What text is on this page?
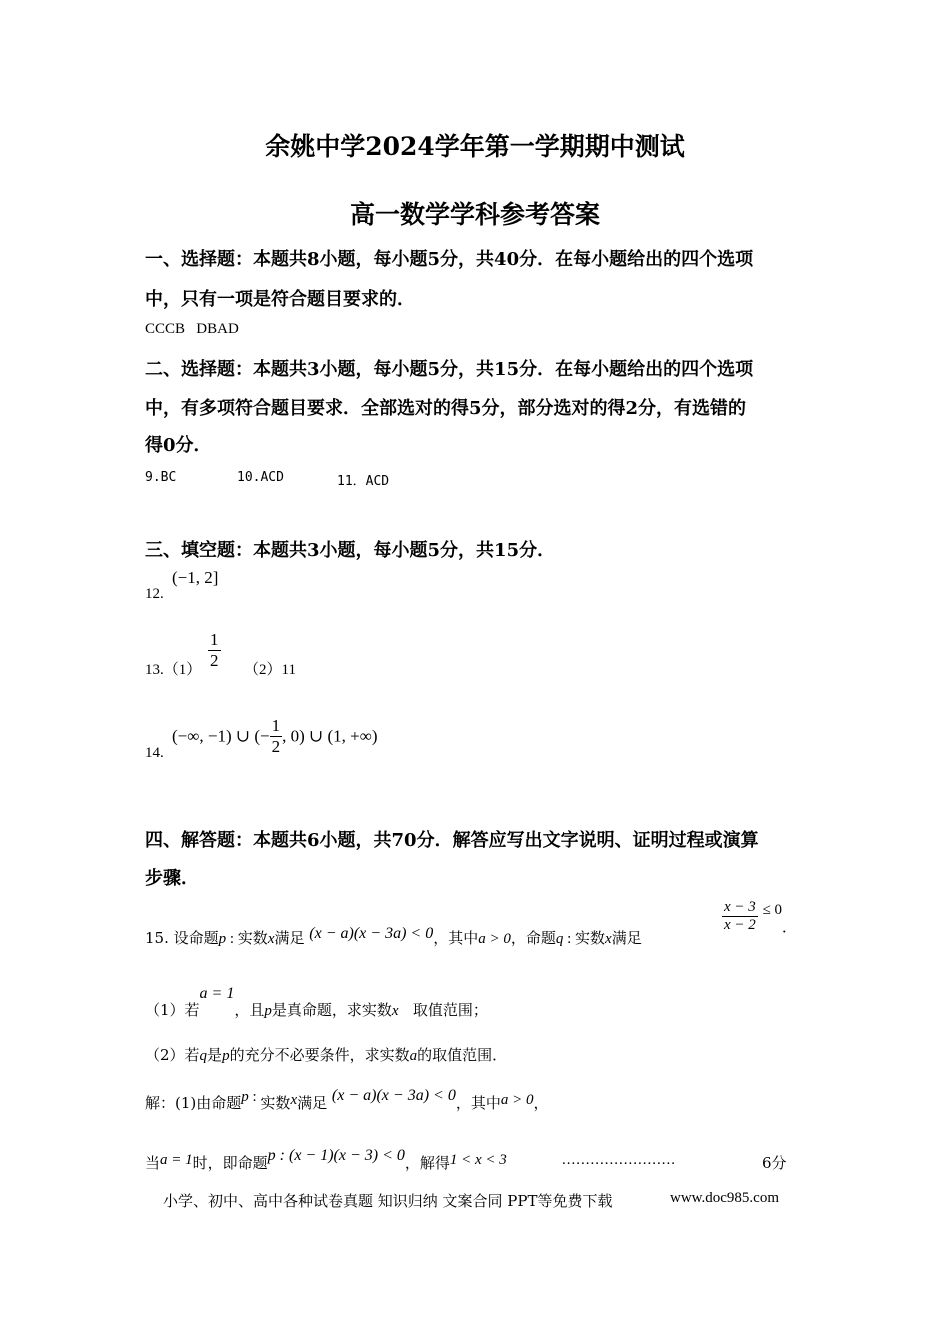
余姚中学2024学年第一学期期中测试
高一数学学科参考答案
一、选择题：本题共8小题，每小题5分，共40分．在每小题给出的四个选项
中，只有一项是符合题目要求的．
CCCB   DBAD
二、选择题：本题共3小题，每小题5分，共15分．在每小题给出的四个选项
中，有多项符合题目要求．全部选对的得5分，部分选对的得2分，有选错的
得0分．
9.BC	10.ACD	11．ACD
三、填空题：本题共3小题，每小题5分，共15分．
12.
(−1, 2]
$13.(1) \frac{1}{2} (2)11$
14.
(−∞, −1) ∪ (− $\frac{1}{2}$ , 0) ∪ (1, +∞)
四、解答题：本题共6小题，共70分．解答应写出文字说明、证明过程或演算
步骤．
15. 设命题p : 实数x满足 (x − a)(x − 3a) < 0，其中a > 0，命题q : 实数x满足
$\frac{x - 3}{x - 2} \le 0$．
（1）若a = 1，且p是真命题，求实数x 取值范围；
（2）若q是p的充分不必要条件，求实数a的取值范围．
解：(1)由命题p : 实数x满足 (x − a)(x − 3a) < 0，其中a > 0，
当a = 1时，即命题p : (x − 1)(x − 3) < 0，解得1 < x < 3	........................	6分
小学、初中、高中各种试卷真题 知识归纳 文案合同 PPT等免费下载	www.doc985.com
